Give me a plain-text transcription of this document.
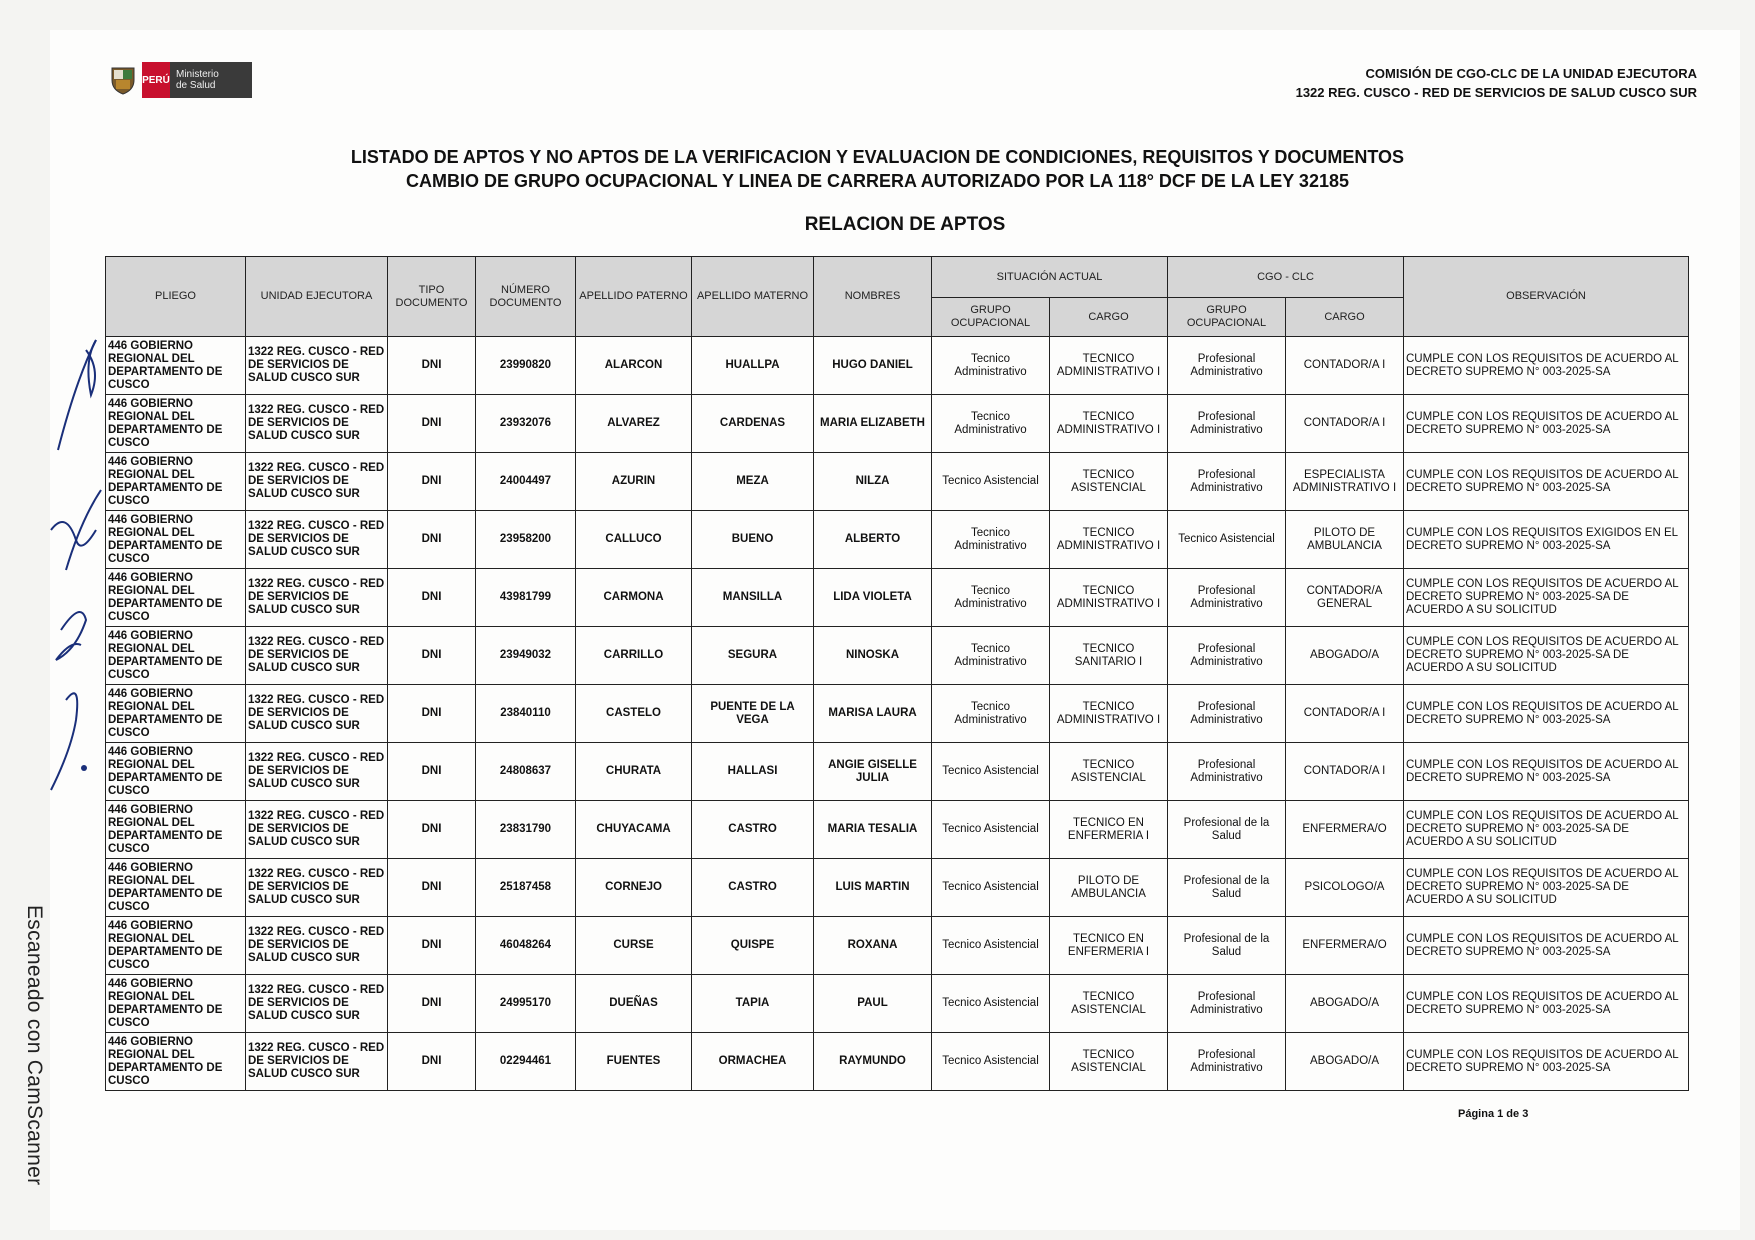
PERÚ Ministerio
de Salud
COMISIÓN DE CGO-CLC DE LA UNIDAD EJECUTORA
1322 REG. CUSCO - RED DE SERVICIOS DE SALUD CUSCO SUR
LISTADO DE APTOS Y NO APTOS DE LA VERIFICACION Y EVALUACION DE CONDICIONES, REQUISITOS Y DOCUMENTOS
CAMBIO DE GRUPO OCUPACIONAL Y LINEA DE CARRERA AUTORIZADO POR LA 118° DCF DE LA LEY 32185
RELACION DE APTOS
PLIEGO	UNIDAD EJECUTORA	TIPO DOCUMENTO	NÚMERO DOCUMENTO	APELLIDO PATERNO	APELLIDO MATERNO	NOMBRES	SITUACIÓN ACTUAL		CGO - CLC		OBSERVACIÓN
							GRUPO OCUPACIONAL	CARGO	GRUPO OCUPACIONAL	CARGO	
446 GOBIERNO REGIONAL DEL DEPARTAMENTO DE CUSCO	1322 REG. CUSCO - RED DE SERVICIOS DE SALUD CUSCO SUR	DNI	23990820	ALARCON	HUALLPA	HUGO DANIEL	Tecnico Administrativo	TECNICO ADMINISTRATIVO I	Profesional Administrativo	CONTADOR/A I	CUMPLE CON LOS REQUISITOS DE ACUERDO AL DECRETO SUPREMO N° 003-2025-SA
446 GOBIERNO REGIONAL DEL DEPARTAMENTO DE CUSCO	1322 REG. CUSCO - RED DE SERVICIOS DE SALUD CUSCO SUR	DNI	23932076	ALVAREZ	CARDENAS	MARIA ELIZABETH	Tecnico Administrativo	TECNICO ADMINISTRATIVO I	Profesional Administrativo	CONTADOR/A I	CUMPLE CON LOS REQUISITOS DE ACUERDO AL DECRETO SUPREMO N° 003-2025-SA
446 GOBIERNO REGIONAL DEL DEPARTAMENTO DE CUSCO	1322 REG. CUSCO - RED DE SERVICIOS DE SALUD CUSCO SUR	DNI	24004497	AZURIN	MEZA	NILZA	Tecnico Asistencial	TECNICO ASISTENCIAL	Profesional Administrativo	ESPECIALISTA ADMINISTRATIVO I	CUMPLE CON LOS REQUISITOS DE ACUERDO AL DECRETO SUPREMO N° 003-2025-SA
446 GOBIERNO REGIONAL DEL DEPARTAMENTO DE CUSCO	1322 REG. CUSCO - RED DE SERVICIOS DE SALUD CUSCO SUR	DNI	23958200	CALLUCO	BUENO	ALBERTO	Tecnico Administrativo	TECNICO ADMINISTRATIVO I	Tecnico Asistencial	PILOTO DE AMBULANCIA	CUMPLE CON LOS REQUISITOS EXIGIDOS EN EL DECRETO SUPREMO N° 003-2025-SA
446 GOBIERNO REGIONAL DEL DEPARTAMENTO DE CUSCO	1322 REG. CUSCO - RED DE SERVICIOS DE SALUD CUSCO SUR	DNI	43981799	CARMONA	MANSILLA	LIDA VIOLETA	Tecnico Administrativo	TECNICO ADMINISTRATIVO I	Profesional Administrativo	CONTADOR/A GENERAL	CUMPLE CON LOS REQUISITOS DE ACUERDO AL DECRETO SUPREMO N° 003-2025-SA DE ACUERDO A SU SOLICITUD
446 GOBIERNO REGIONAL DEL DEPARTAMENTO DE CUSCO	1322 REG. CUSCO - RED DE SERVICIOS DE SALUD CUSCO SUR	DNI	23949032	CARRILLO	SEGURA	NINOSKA	Tecnico Administrativo	TECNICO SANITARIO I	Profesional Administrativo	ABOGADO/A	CUMPLE CON LOS REQUISITOS DE ACUERDO AL DECRETO SUPREMO N° 003-2025-SA DE ACUERDO A SU SOLICITUD
446 GOBIERNO REGIONAL DEL DEPARTAMENTO DE CUSCO	1322 REG. CUSCO - RED DE SERVICIOS DE SALUD CUSCO SUR	DNI	23840110	CASTELO	PUENTE DE LA VEGA	MARISA LAURA	Tecnico Administrativo	TECNICO ADMINISTRATIVO I	Profesional Administrativo	CONTADOR/A I	CUMPLE CON LOS REQUISITOS DE ACUERDO AL DECRETO SUPREMO N° 003-2025-SA
446 GOBIERNO REGIONAL DEL DEPARTAMENTO DE CUSCO	1322 REG. CUSCO - RED DE SERVICIOS DE SALUD CUSCO SUR	DNI	24808637	CHURATA	HALLASI	ANGIE GISELLE JULIA	Tecnico Asistencial	TECNICO ASISTENCIAL	Profesional Administrativo	CONTADOR/A I	CUMPLE CON LOS REQUISITOS DE ACUERDO AL DECRETO SUPREMO N° 003-2025-SA
446 GOBIERNO REGIONAL DEL DEPARTAMENTO DE CUSCO	1322 REG. CUSCO - RED DE SERVICIOS DE SALUD CUSCO SUR	DNI	23831790	CHUYACAMA	CASTRO	MARIA TESALIA	Tecnico Asistencial	TECNICO EN ENFERMERIA I	Profesional de la Salud	ENFERMERA/O	CUMPLE CON LOS REQUISITOS DE ACUERDO AL DECRETO SUPREMO N° 003-2025-SA DE ACUERDO A SU SOLICITUD
446 GOBIERNO REGIONAL DEL DEPARTAMENTO DE CUSCO	1322 REG. CUSCO - RED DE SERVICIOS DE SALUD CUSCO SUR	DNI	25187458	CORNEJO	CASTRO	LUIS MARTIN	Tecnico Asistencial	PILOTO DE AMBULANCIA	Profesional de la Salud	PSICOLOGO/A	CUMPLE CON LOS REQUISITOS DE ACUERDO AL DECRETO SUPREMO N° 003-2025-SA DE ACUERDO A SU SOLICITUD
446 GOBIERNO REGIONAL DEL DEPARTAMENTO DE CUSCO	1322 REG. CUSCO - RED DE SERVICIOS DE SALUD CUSCO SUR	DNI	46048264	CURSE	QUISPE	ROXANA	Tecnico Asistencial	TECNICO EN ENFERMERIA I	Profesional de la Salud	ENFERMERA/O	CUMPLE CON LOS REQUISITOS DE ACUERDO AL DECRETO SUPREMO N° 003-2025-SA
446 GOBIERNO REGIONAL DEL DEPARTAMENTO DE CUSCO	1322 REG. CUSCO - RED DE SERVICIOS DE SALUD CUSCO SUR	DNI	24995170	DUEÑAS	TAPIA	PAUL	Tecnico Asistencial	TECNICO ASISTENCIAL	Profesional Administrativo	ABOGADO/A	CUMPLE CON LOS REQUISITOS DE ACUERDO AL DECRETO SUPREMO N° 003-2025-SA
446 GOBIERNO REGIONAL DEL DEPARTAMENTO DE CUSCO	1322 REG. CUSCO - RED DE SERVICIOS DE SALUD CUSCO SUR	DNI	02294461	FUENTES	ORMACHEA	RAYMUNDO	Tecnico Asistencial	TECNICO ASISTENCIAL	Profesional Administrativo	ABOGADO/A	CUMPLE CON LOS REQUISITOS DE ACUERDO AL DECRETO SUPREMO N° 003-2025-SA
Página 1 de 3
Escaneado con CamScanner
